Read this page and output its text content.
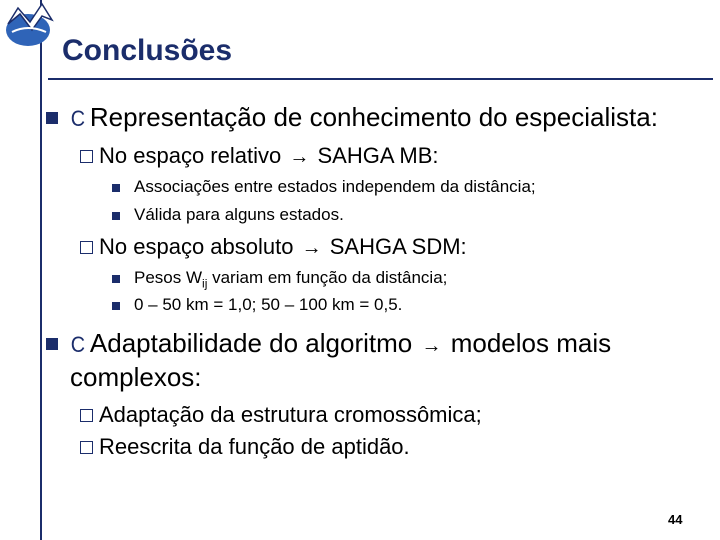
Conclusões
C Representação de conhecimento do especialista:
No espaço relativo → SAHGA MB:
Associações entre estados independem da distância;
Válida para alguns estados.
No espaço absoluto → SAHGA SDM:
Pesos $W_{ij}$ variam em função da distância;
0 – 50 km = 1,0; 50 – 100 km = 0,5.
C Adaptabilidade do algoritmo → modelos mais
complexos:
Adaptação da estrutura cromossômica;
Reescrita da função de aptidão.
44
